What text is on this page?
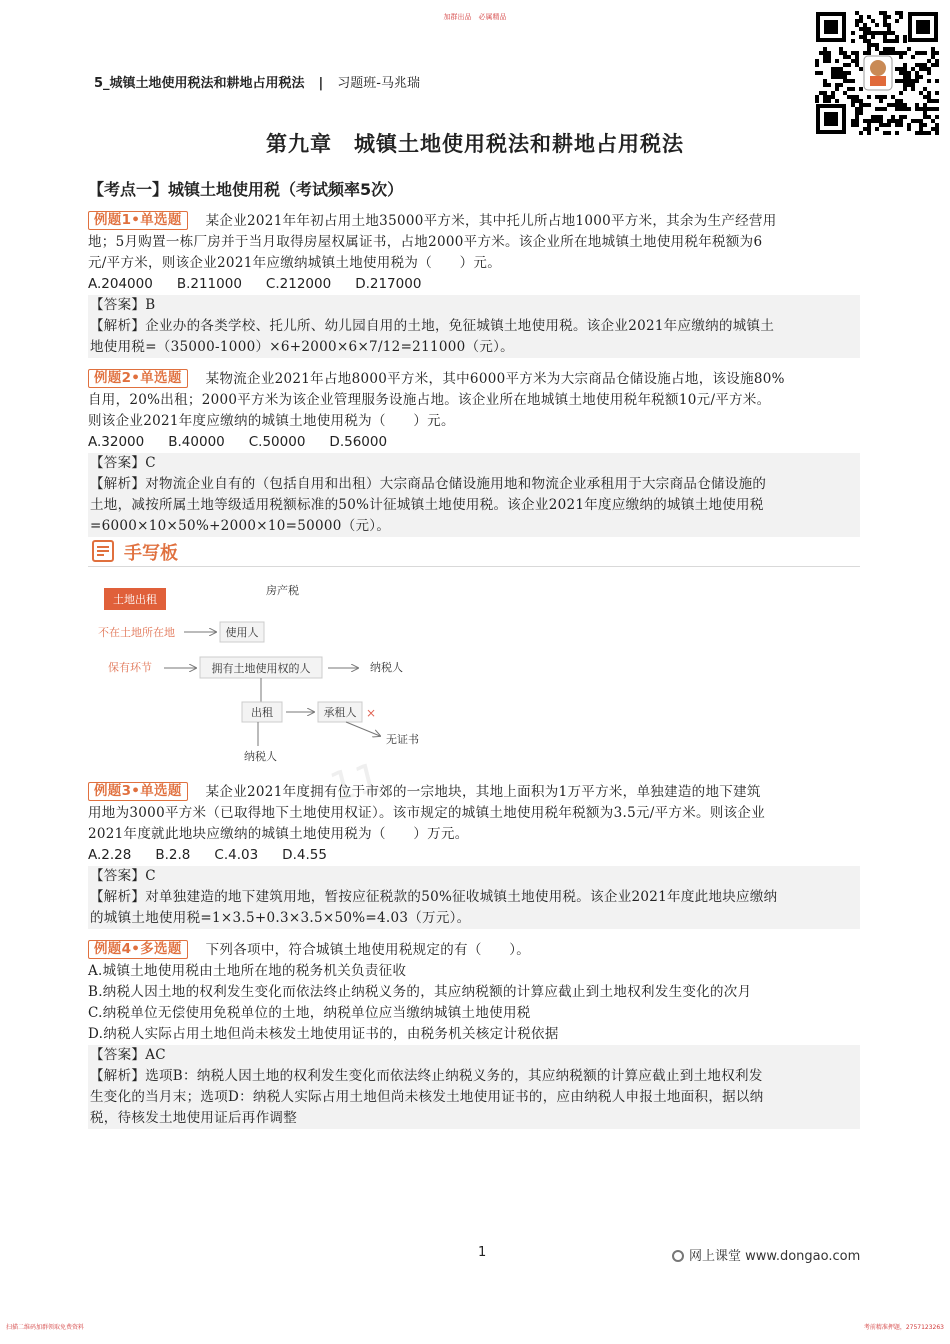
加群出品　必属精品
5_城镇土地使用税法和耕地占用税法 | 习题班-马兆瑞
第九章　城镇土地使用税法和耕地占用税法
【考点一】城镇土地使用税（考试频率5次）
例题1•单选题 某企业2021年年初占用土地35000平方米，其中托儿所占地1000平方米，其余为生产经营用
地；5月购置一栋厂房并于当月取得房屋权属证书，占地2000平方米。该企业所在地城镇土地使用税年税额为6
元/平方米，则该企业2021年应缴纳城镇土地使用税为（　　）元。
A.204000 B.211000 C.212000 D.217000
【答案】B
【解析】企业办的各类学校、托儿所、幼儿园自用的土地，免征城镇土地使用税。该企业2021年应缴纳的城镇土
地使用税=（35000-1000）×6+2000×6×7/12=211000（元）。
例题2•单选题 某物流企业2021年占地8000平方米，其中6000平方米为大宗商品仓储设施占地，该设施80%
自用，20%出租；2000平方米为该企业管理服务设施占地。该企业所在地城镇土地使用税年税额10元/平方米。
则该企业2021年度应缴纳的城镇土地使用税为（　　）元。
A.32000 B.40000 C.50000 D.56000
【答案】C
【解析】对物流企业自有的（包括自用和出租）大宗商品仓储设施用地和物流企业承租用于大宗商品仓储设施的
土地，减按所属土地等级适用税额标准的50%计征城镇土地使用税。该企业2021年度应缴纳的城镇土地使用税
=6000×10×50%+2000×10=50000（元）。
手写板
土地出租
房产税
不在土地所在地	使用人
保有环节	拥有土地使用权的人	纳税人
出租	承租人 ×
无证书
纳税人 11
例题3•单选题 某企业2021年度拥有位于市郊的一宗地块，其地上面积为1万平方米，单独建造的地下建筑
用地为3000平方米（已取得地下土地使用权证）。该市规定的城镇土地使用税年税额为3.5元/平方米。则该企业
2021年度就此地块应缴纳的城镇土地使用税为（　　）万元。
A.2.28 B.2.8 C.4.03 D.4.55
【答案】C
【解析】对单独建造的地下建筑用地，暂按应征税款的50%征收城镇土地使用税。该企业2021年度此地块应缴纳
的城镇土地使用税=1×3.5+0.3×3.5×50%=4.03（万元）。
例题4•多选题 下列各项中，符合城镇土地使用税规定的有（　　）。
A.城镇土地使用税由土地所在地的税务机关负责征收
B.纳税人因土地的权利发生变化而依法终止纳税义务的，其应纳税额的计算应截止到土地权利发生变化的次月
C.纳税单位无偿使用免税单位的土地，纳税单位应当缴纳城镇土地使用税
D.纳税人实际占用土地但尚未核发土地使用证书的，由税务机关核定计税依据
【答案】AC
【解析】选项B：纳税人因土地的权利发生变化而依法终止纳税义务的，其应纳税额的计算应截止到土地权利发
生变化的当月末；选项D：纳税人实际占用土地但尚未核发土地使用证书的，应由纳税人申报土地面积，据以纳
税，待核发土地使用证后再作调整
1	网上课堂 www.dongao.com
扫描二维码加群领取免费资料	考前精准押题，2757123263
